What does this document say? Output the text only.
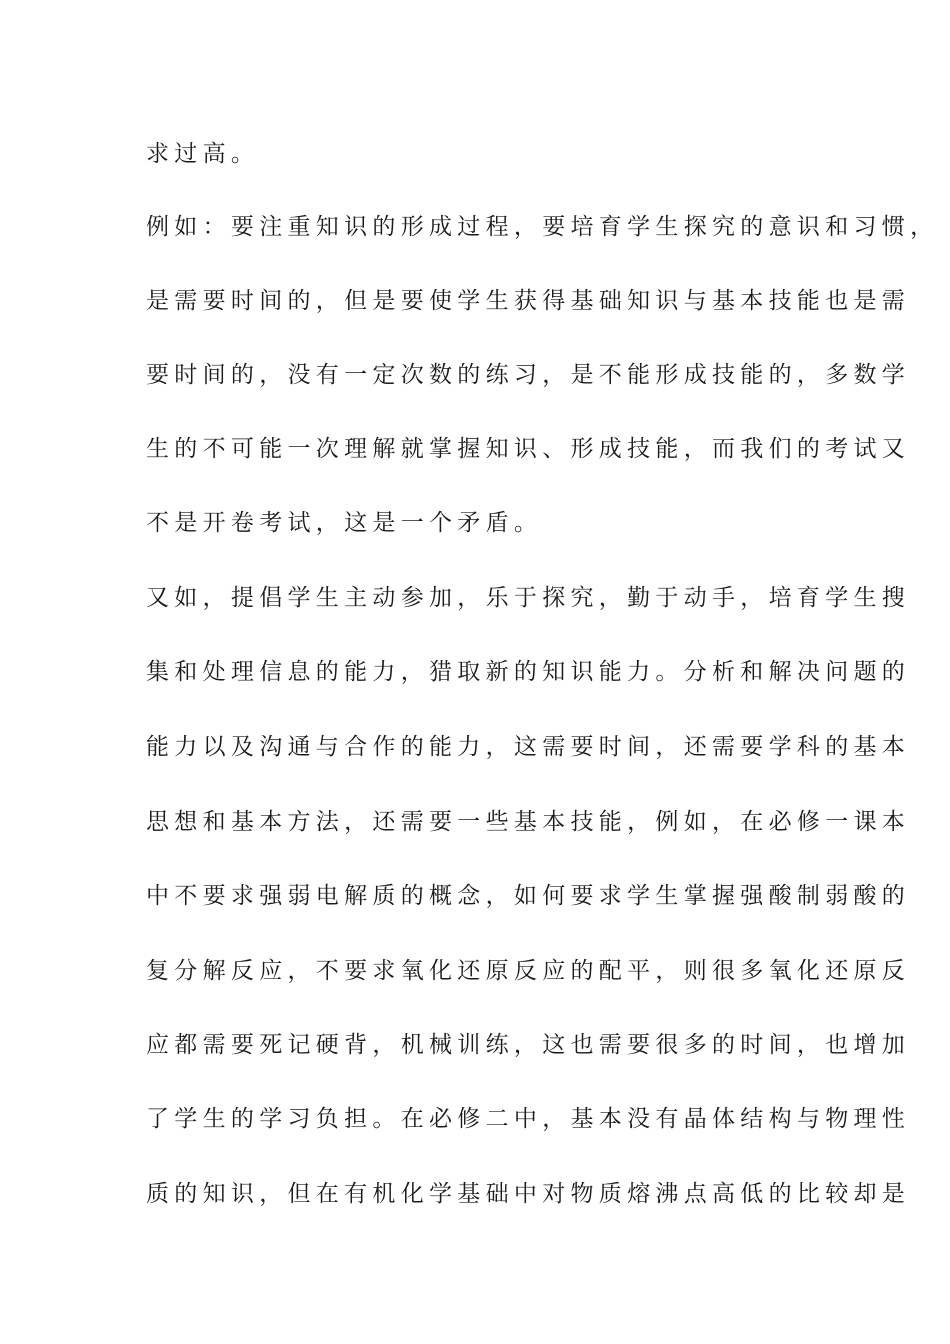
求过高。
例如：要注重知识的形成过程，要培育学生探究的意识和习惯，
是需要时间的，但是要使学生获得基础知识与基本技能也是需
要时间的，没有一定次数的练习，是不能形成技能的，多数学
生的不可能一次理解就掌握知识、形成技能，而我们的考试又
不是开卷考试，这是一个矛盾。
又如，提倡学生主动参加，乐于探究，勤于动手，培育学生搜
集和处理信息的能力，猎取新的知识能力。分析和解决问题的
能力以及沟通与合作的能力，这需要时间，还需要学科的基本
思想和基本方法，还需要一些基本技能，例如，在必修一课本
中不要求强弱电解质的概念，如何要求学生掌握强酸制弱酸的
复分解反应，不要求氧化还原反应的配平，则很多氧化还原反
应都需要死记硬背，机械训练，这也需要很多的时间，也增加
了学生的学习负担。在必修二中，基本没有晶体结构与物理性
质的知识，但在有机化学基础中对物质熔沸点高低的比较却是
